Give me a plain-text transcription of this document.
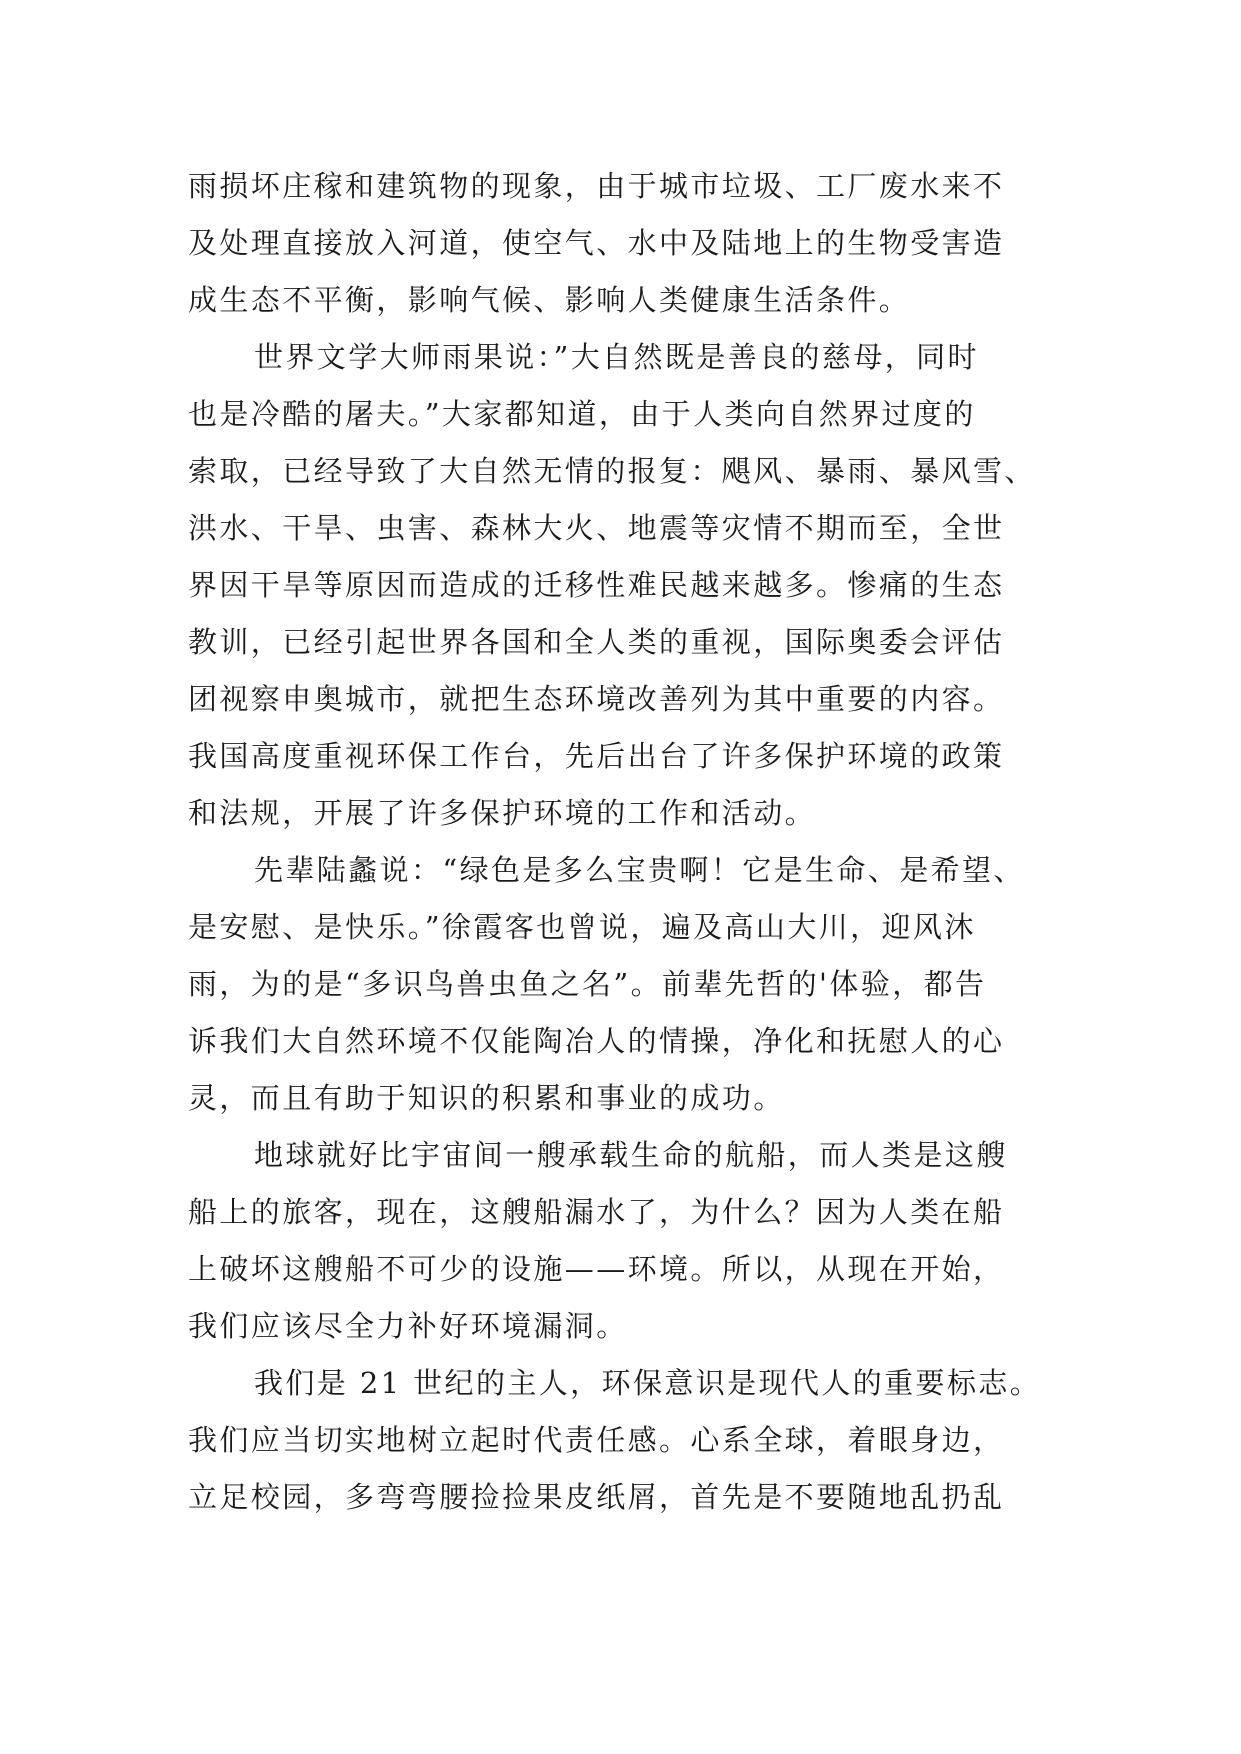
雨损坏庄稼和建筑物的现象，由于城市垃圾、工厂废水来不
及处理直接放入河道，使空气、水中及陆地上的生物受害造
成生态不平衡，影响气候、影响人类健康生活条件。
世界文学大师雨果说：”大自然既是善良的慈母，同时
也是冷酷的屠夫。”大家都知道，由于人类向自然界过度的
索取，已经导致了大自然无情的报复：飓风、暴雨、暴风雪、
洪水、干旱、虫害、森林大火、地震等灾情不期而至，全世
界因干旱等原因而造成的迁移性难民越来越多。惨痛的生态
教训，已经引起世界各国和全人类的重视，国际奥委会评估
团视察申奥城市，就把生态环境改善列为其中重要的内容。
我国高度重视环保工作台，先后出台了许多保护环境的政策
和法规，开展了许多保护环境的工作和活动。
先辈陆蠡说：“绿色是多么宝贵啊！它是生命、是希望、
是安慰、是快乐。”徐霞客也曾说，遍及高山大川，迎风沐
雨，为的是“多识鸟兽虫鱼之名”。前辈先哲的'体验，都告
诉我们大自然环境不仅能陶冶人的情操，净化和抚慰人的心
灵，而且有助于知识的积累和事业的成功。
地球就好比宇宙间一艘承载生命的航船，而人类是这艘
船上的旅客，现在，这艘船漏水了，为什么？因为人类在船
上破坏这艘船不可少的设施——环境。所以，从现在开始，
我们应该尽全力补好环境漏洞。
我们是 21 世纪的主人，环保意识是现代人的重要标志。
我们应当切实地树立起时代责任感。心系全球，着眼身边，
立足校园，多弯弯腰捡捡果皮纸屑，首先是不要随地乱扔乱
